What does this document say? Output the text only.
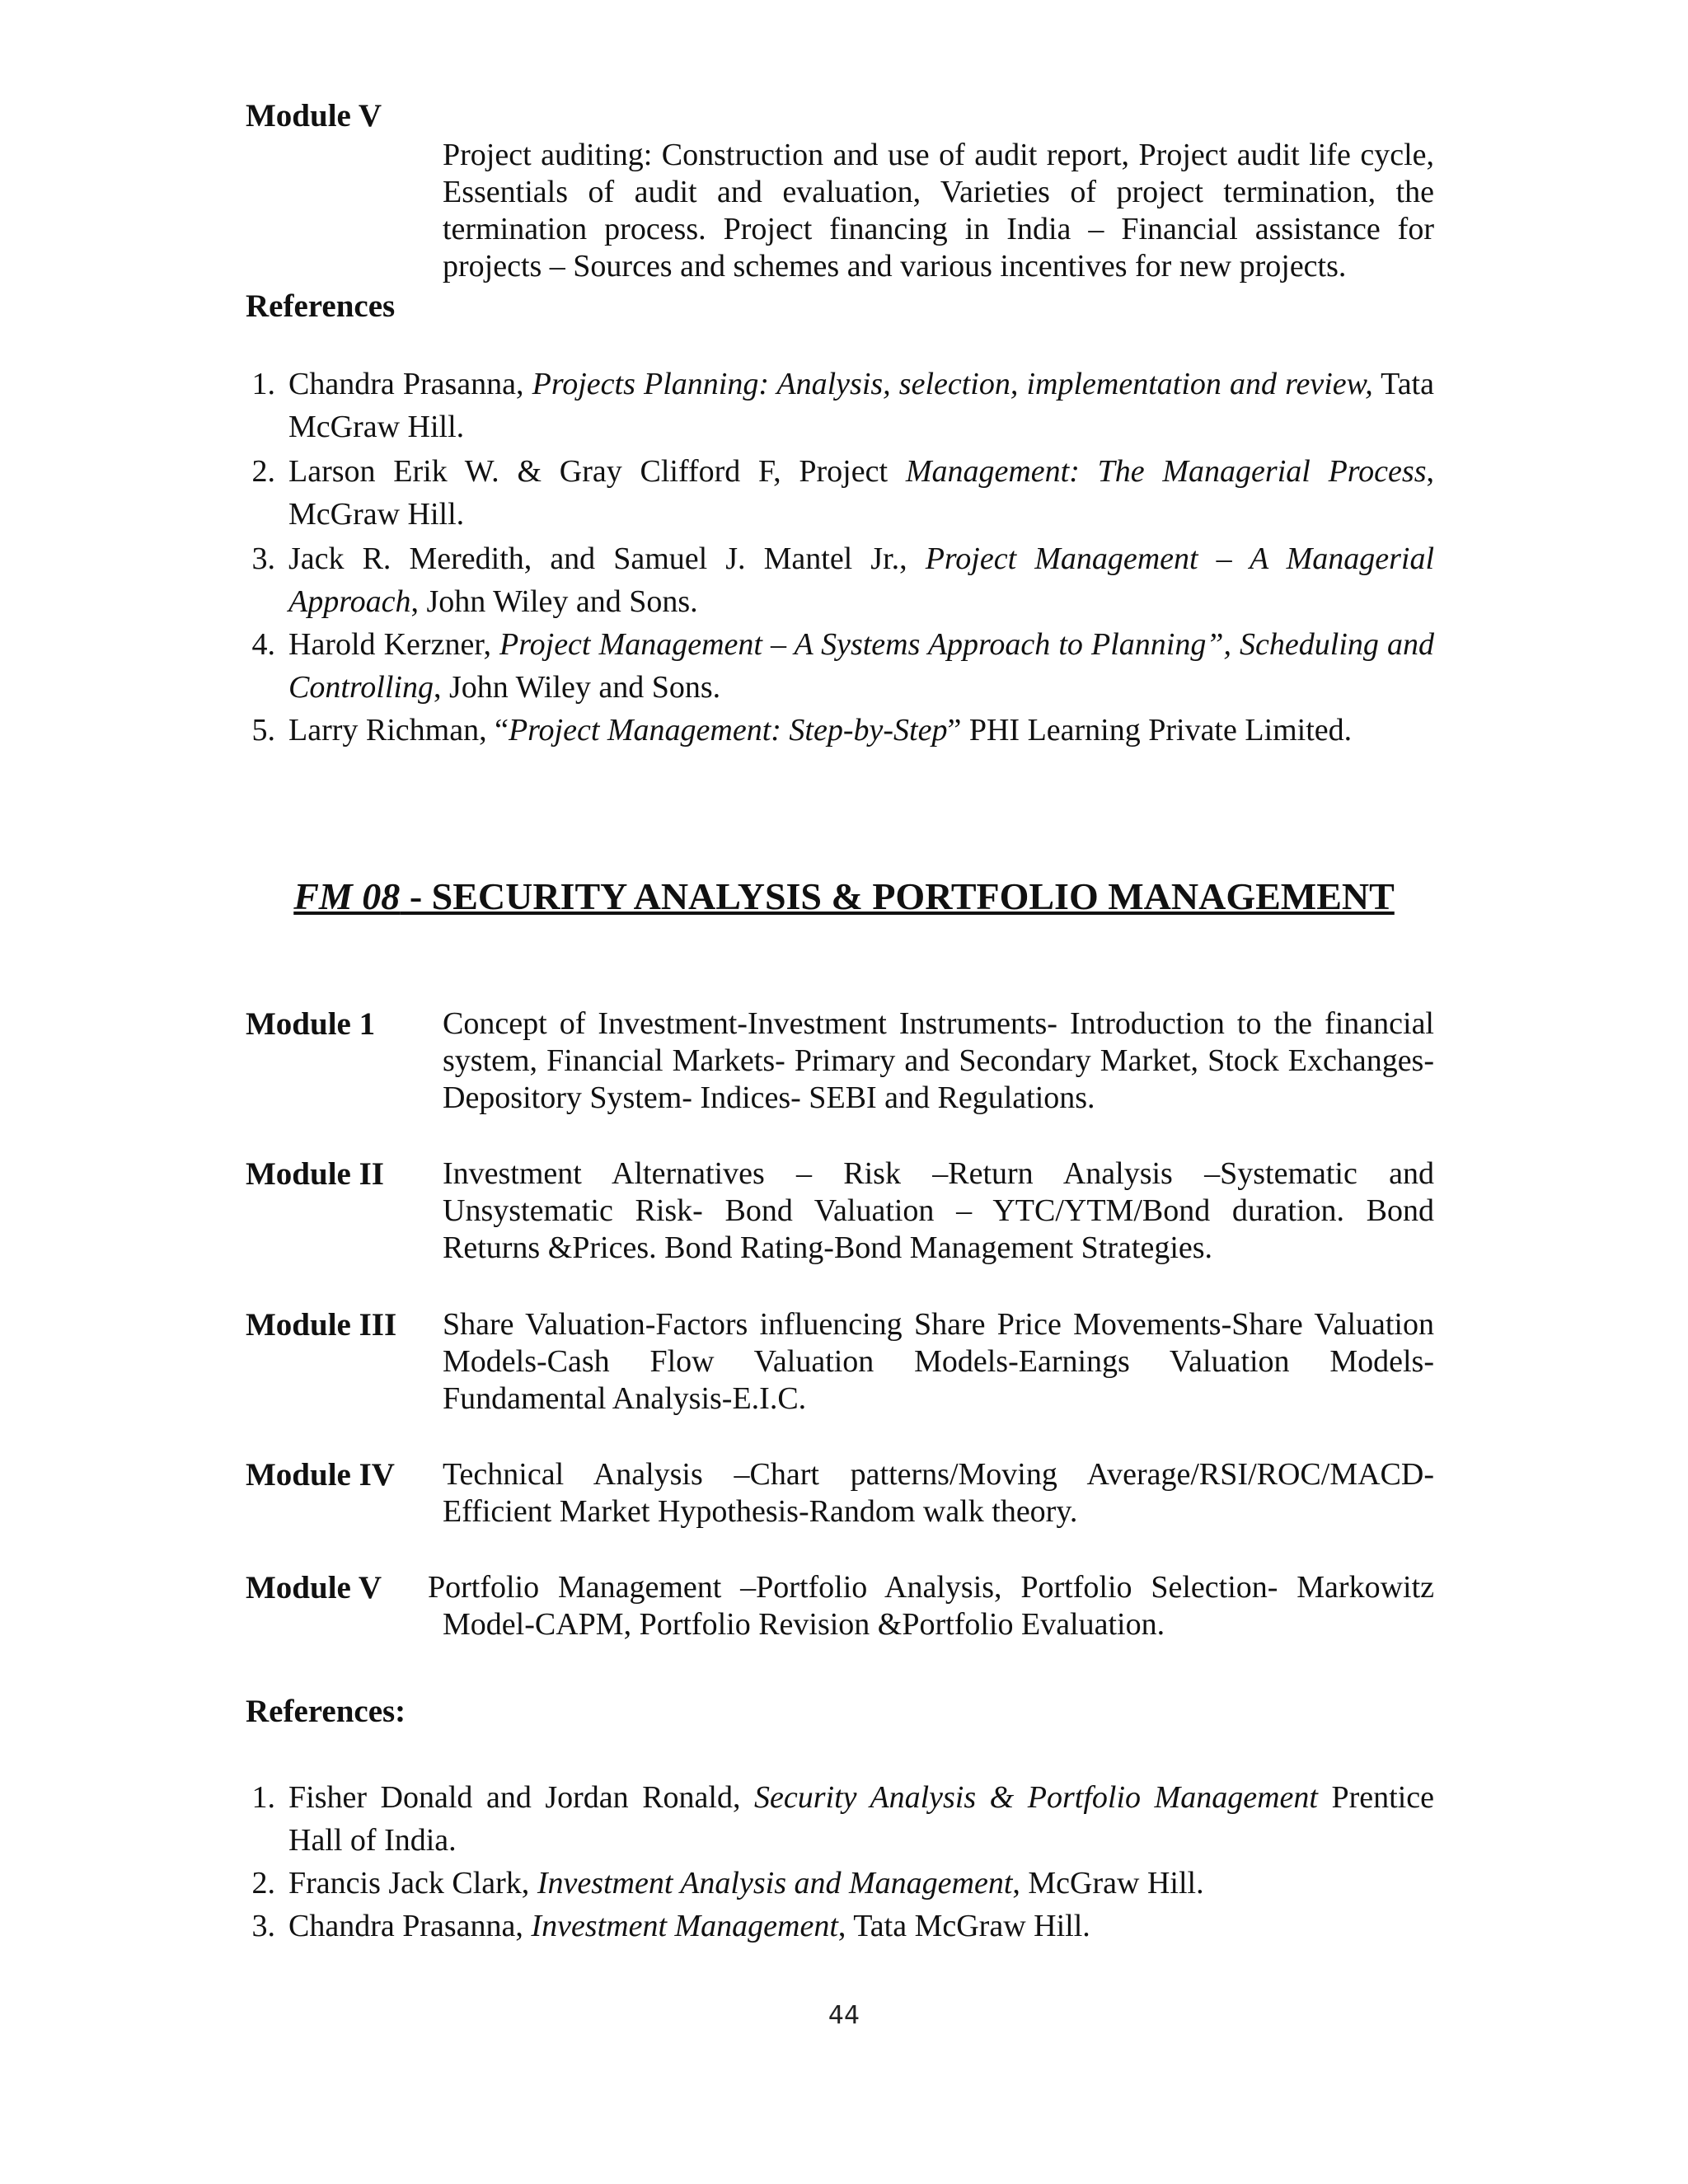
Module V
Project auditing: Construction and use of audit report, Project audit life cycle, Essentials of audit and evaluation, Varieties of project termination, the termination process. Project financing in India – Financial assistance for projects – Sources and schemes and various incentives for new projects.
References
1. Chandra Prasanna, Projects Planning: Analysis, selection, implementation and review, Tata McGraw Hill.
2. Larson Erik W. & Gray Clifford F, Project Management: The Managerial Process, McGraw Hill.
3. Jack R. Meredith, and Samuel J. Mantel Jr., Project Management – A Managerial Approach, John Wiley and Sons.
4. Harold Kerzner, Project Management – A Systems Approach to Planning”, Scheduling and Controlling, John Wiley and Sons.
5. Larry Richman, “Project Management: Step-by-Step” PHI Learning Private Limited.
FM 08 - SECURITY ANALYSIS & PORTFOLIO MANAGEMENT
Module 1 Concept of Investment-Investment Instruments- Introduction to the financial system, Financial Markets- Primary and Secondary Market, Stock Exchanges-Depository System- Indices- SEBI and Regulations.
Module II Investment Alternatives – Risk –Return Analysis –Systematic and Unsystematic Risk- Bond Valuation – YTC/YTM/Bond duration. Bond Returns &Prices. Bond Rating-Bond Management Strategies.
Module III Share Valuation-Factors influencing Share Price Movements-Share Valuation Models-Cash Flow Valuation Models-Earnings Valuation Models-Fundamental Analysis-E.I.C.
Module IV Technical Analysis –Chart patterns/Moving Average/RSI/ROC/MACD-Efficient Market Hypothesis-Random walk theory.
Module V Portfolio Management –Portfolio Analysis, Portfolio Selection- Markowitz Model-CAPM, Portfolio Revision &Portfolio Evaluation.
References:
1. Fisher Donald and Jordan Ronald, Security Analysis & Portfolio Management Prentice Hall of India.
2. Francis Jack Clark, Investment Analysis and Management, McGraw Hill.
3. Chandra Prasanna, Investment Management, Tata McGraw Hill.
44
